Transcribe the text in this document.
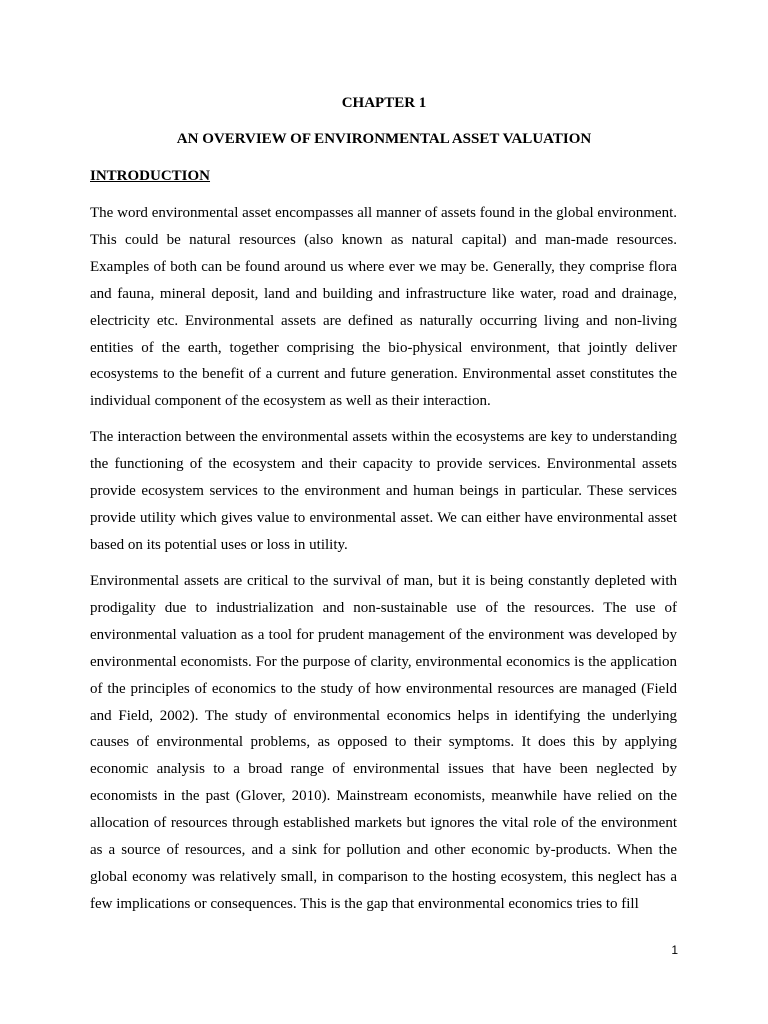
CHAPTER 1
AN OVERVIEW OF ENVIRONMENTAL ASSET VALUATION
INTRODUCTION

The word environmental asset encompasses all manner of assets found in the global environment. This could be natural resources (also known as natural capital) and man-made resources. Examples of both can be found around us where ever we may be. Generally, they comprise flora and fauna, mineral deposit, land and building and infrastructure like water, road and drainage, electricity etc. Environmental assets are defined as naturally occurring living and non-living entities of the earth, together comprising the bio-physical environment, that jointly deliver ecosystems to the benefit of a current and future generation. Environmental asset constitutes the individual component of the ecosystem as well as their interaction.

The interaction between the environmental assets within the ecosystems are key to understanding the functioning of the ecosystem and their capacity to provide services. Environmental assets provide ecosystem services to the environment and human beings in particular. These services provide utility which gives value to environmental asset. We can either have environmental asset based on its potential uses or loss in utility.

Environmental assets are critical to the survival of man, but it is being constantly depleted with prodigality due to industrialization and non-sustainable use of the resources. The use of environmental valuation as a tool for prudent management of the environment was developed by environmental economists. For the purpose of clarity, environmental economics is the application of the principles of economics to the study of how environmental resources are managed (Field and Field, 2002). The study of environmental economics helps in identifying the underlying causes of environmental problems, as opposed to their symptoms. It does this by applying economic analysis to a broad range of environmental issues that have been neglected by economists in the past (Glover, 2010). Mainstream economists, meanwhile have relied on the allocation of resources through established markets but ignores the vital role of the environment as a source of resources, and a sink for pollution and other economic by-products. When the global economy was relatively small, in comparison to the hosting ecosystem, this neglect has a few implications or consequences. This is the gap that environmental economics tries to fill

1
